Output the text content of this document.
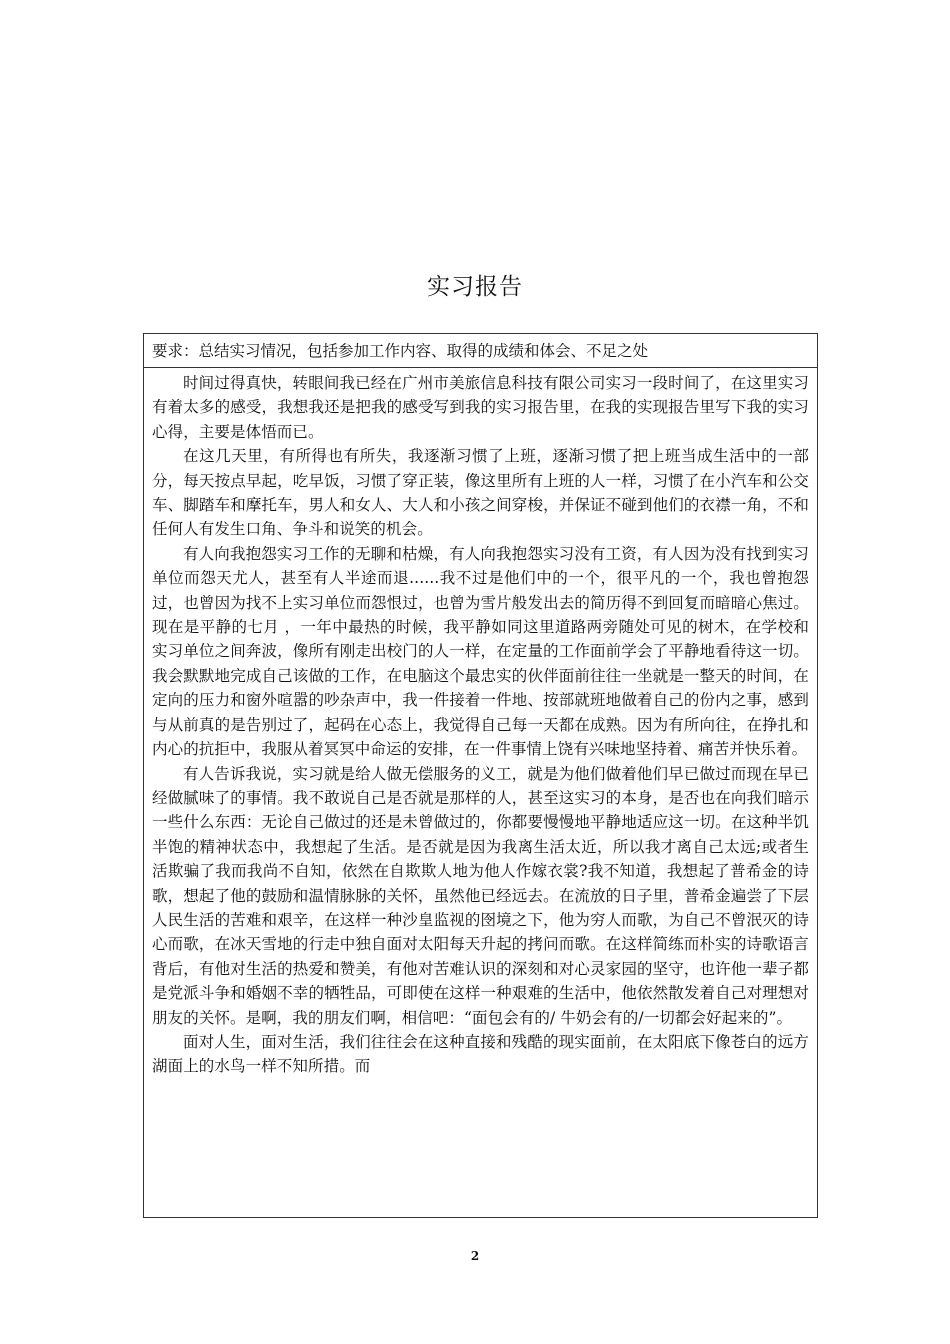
实习报告
要求：总结实习情况，包括参加工作内容、取得的成绩和体会、不足之处

时间过得真快，转眼间我已经在广州市美旅信息科技有限公司实习一段时间了，在这里实习有着太多的感受，我想我还是把我的感受写到我的实习报告里，在我的实现报告里写下我的实习心得，主要是体悟而已。

在这几天里，有所得也有所失，我逐渐习惯了上班，逐渐习惯了把上班当成生活中的一部分，每天按点早起，吃早饭，习惯了穿正装，像这里所有上班的人一样，习惯了在小汽车和公交车、脚踏车和摩托车，男人和女人、大人和小孩之间穿梭，并保证不碰到他们的衣襟一角，不和任何人有发生口角、争斗和说笑的机会。

有人向我抱怨实习工作的无聊和枯燥，有人向我抱怨实习没有工资，有人因为没有找到实习单位而怨天尤人，甚至有人半途而退......我不过是他们中的一个，很平凡的一个，我也曾抱怨过，也曾因为找不上实习单位而怨恨过，也曾为雪片般发出去的简历得不到回复而暗暗心焦过。现在是平静的七月 ，一年中最热的时候，我平静如同这里道路两旁随处可见的树木，在学校和实习单位之间奔波，像所有刚走出校门的人一样，在定量的工作面前学会了平静地看待这一切。我会默默地完成自己该做的工作，在电脑这个最忠实的伙伴面前往往一坐就是一整天的时间，在定向的压力和窗外喧嚣的吵杂声中，我一件接着一件地、按部就班地做着自己的份内之事，感到与从前真的是告别过了，起码在心态上，我觉得自己每一天都在成熟。因为有所向往，在挣扎和内心的抗拒中，我服从着冥冥中命运的安排，在一件事情上饶有兴味地坚持着、痛苦并快乐着。

有人告诉我说，实习就是给人做无偿服务的义工，就是为他们做着他们早已做过而现在早已经做腻味了的事情。我不敢说自己是否就是那样的人，甚至这实习的本身，是否也在向我们暗示一些什么东西：无论自己做过的还是未曾做过的，你都要慢慢地平静地适应这一切。在这种半饥半饱的精神状态中，我想起了生活。是否就是因为我离生活太近，所以我才离自己太远;或者生活欺骗了我而我尚不自知，依然在自欺欺人地为他人作嫁衣裳?我不知道，我想起了普希金的诗歌，想起了他的鼓励和温情脉脉的关怀，虽然他已经远去。在流放的日子里，普希金遍尝了下层人民生活的苦难和艰辛，在这样一种沙皇监视的囹境之下，他为穷人而歌，为自己不曾泯灭的诗心而歌，在冰天雪地的行走中独自面对太阳每天升起的拷问而歌。在这样简练而朴实的诗歌语言背后，有他对生活的热爱和赞美，有他对苦难认识的深刻和对心灵家园的坚守，也许他一辈子都是党派斗争和婚姻不幸的牺牲品，可即使在这样一种艰难的生活中，他依然散发着自己对理想对朋友的关怀。是啊，我的朋友们啊，相信吧：“面包会有的/ 牛奶会有的/一切都会好起来的”。

面对人生，面对生活，我们往往会在这种直接和残酷的现实面前，在太阳底下像苍白的远方湖面上的水鸟一样不知所措。而

2
